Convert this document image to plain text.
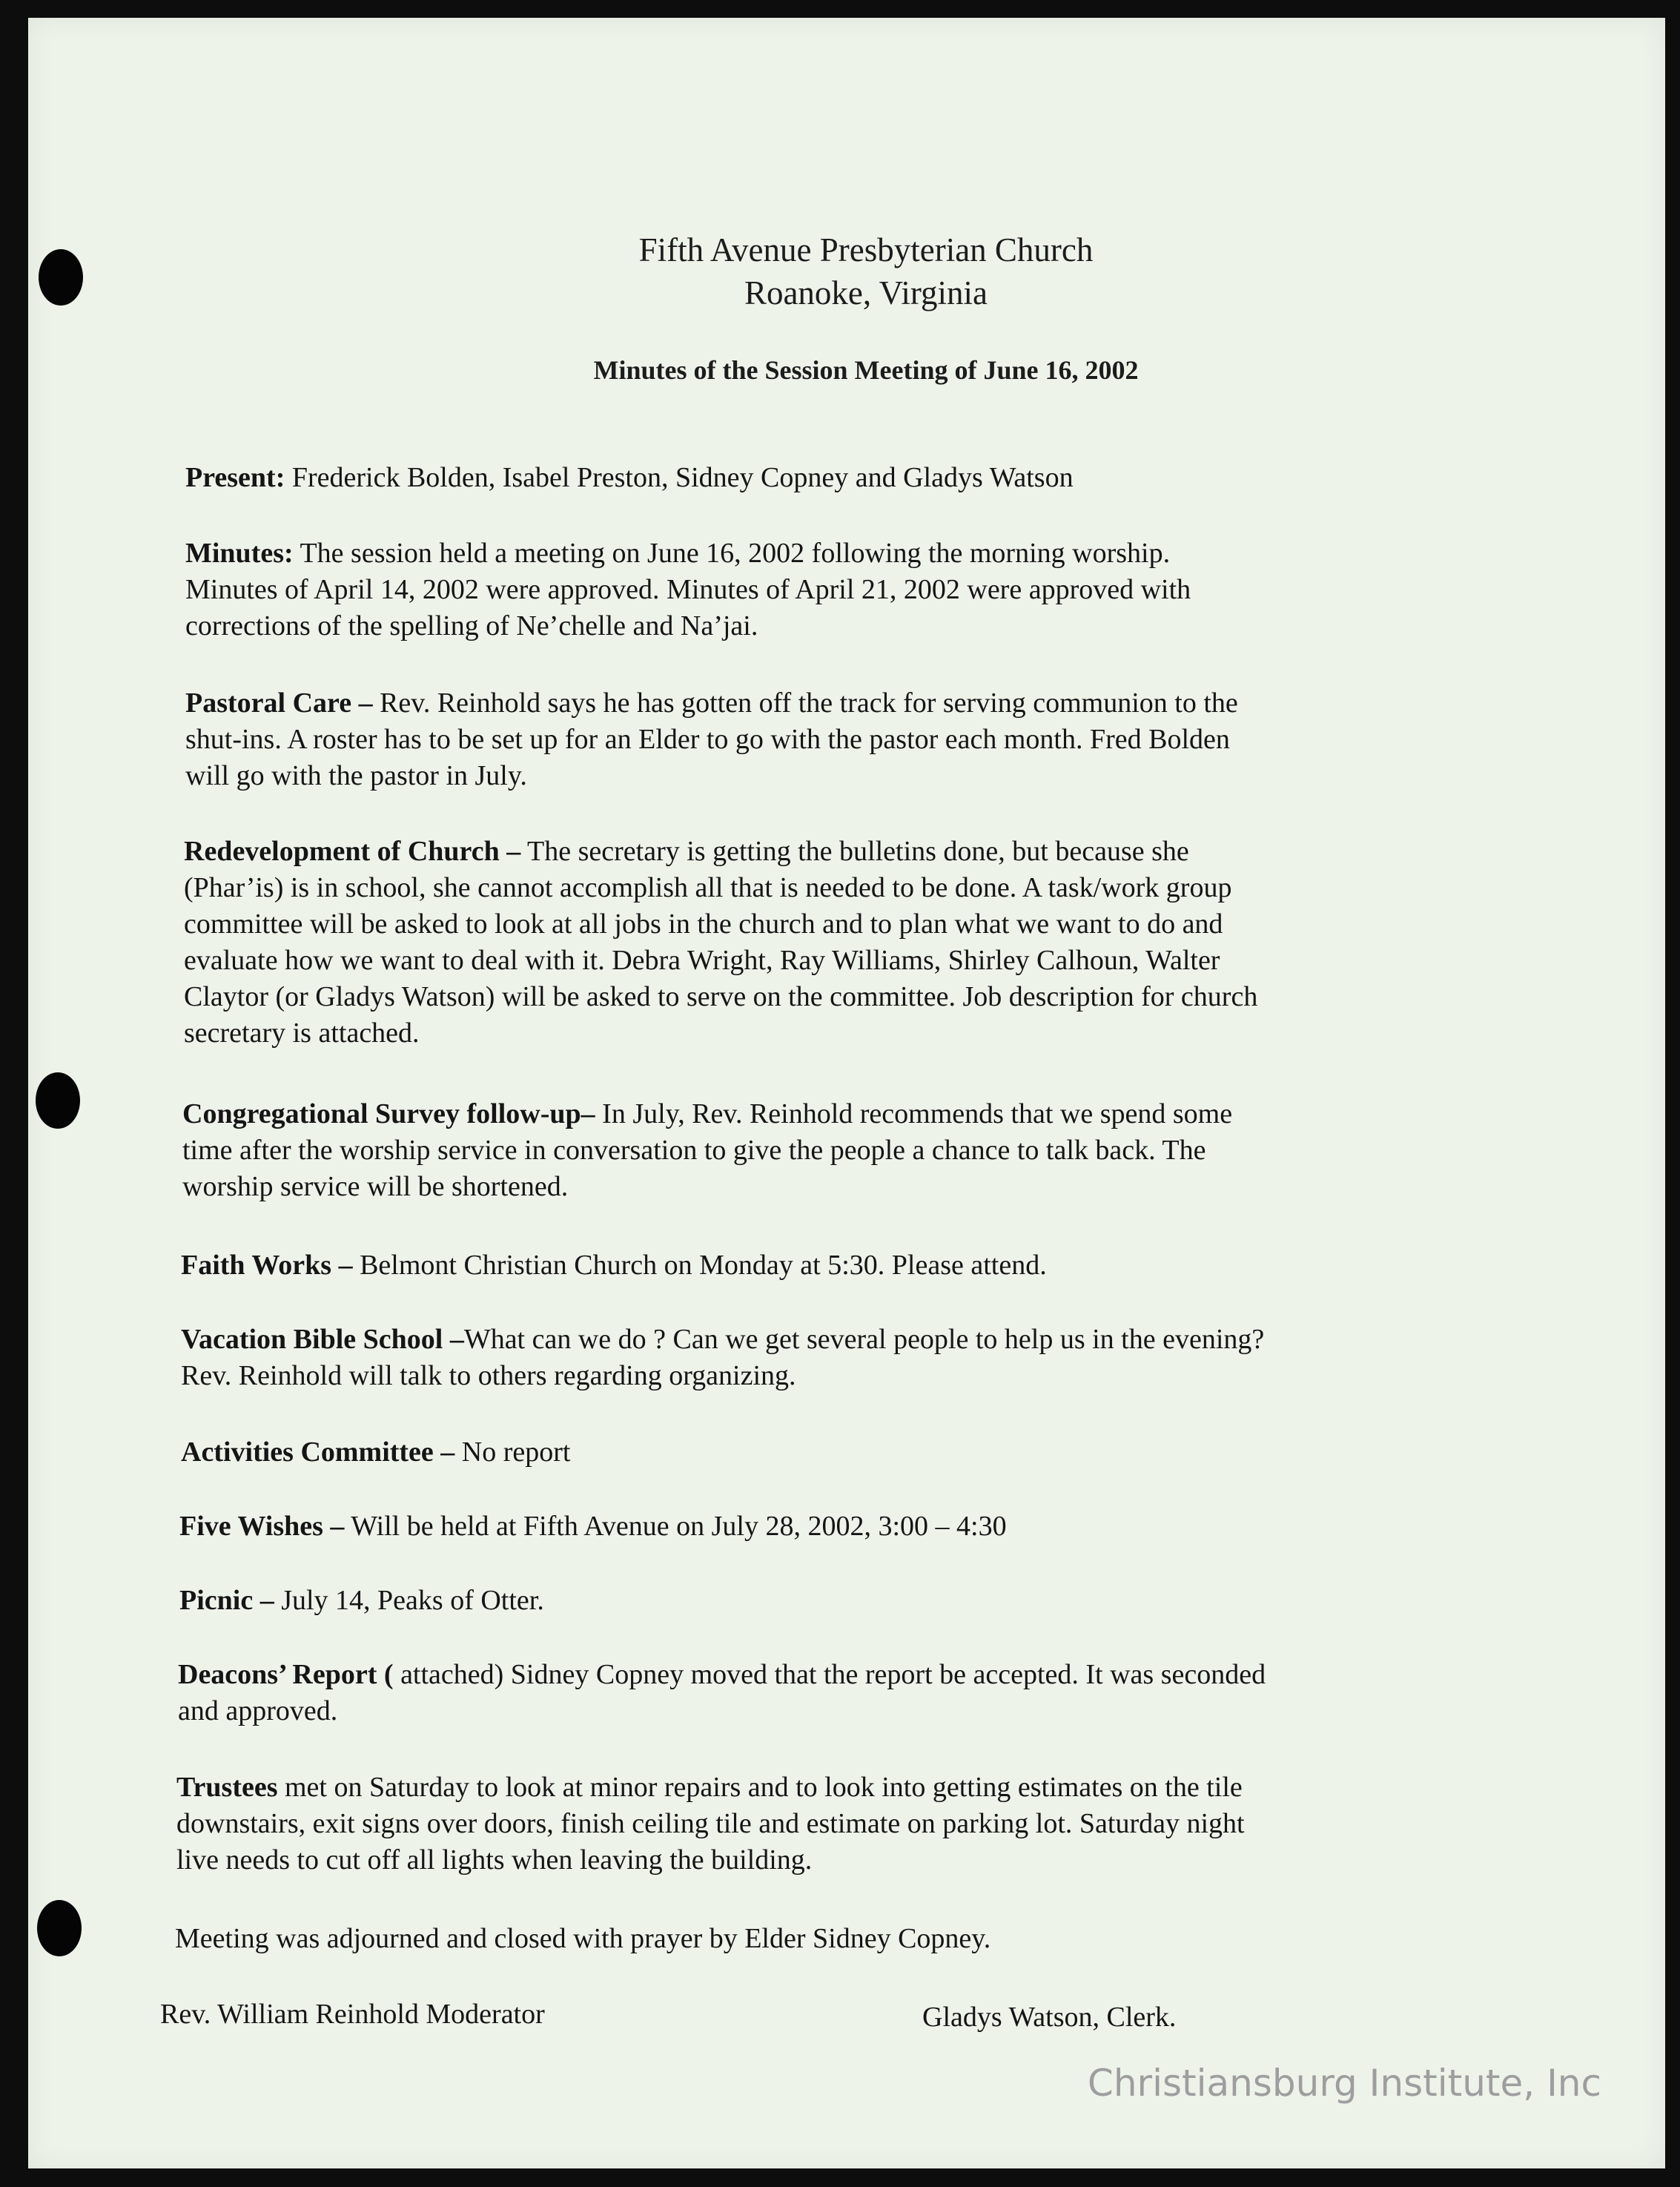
Fifth Avenue Presbyterian Church
Roanoke, Virginia
Minutes of the Session Meeting of June 16, 2002
Present: Frederick Bolden, Isabel Preston, Sidney Copney and Gladys Watson
Minutes: The session held a meeting on June 16, 2002 following the morning worship.
Minutes of April 14, 2002 were approved. Minutes of April 21, 2002 were approved with
corrections of the spelling of Ne’chelle and Na’jai.
Pastoral Care – Rev. Reinhold says he has gotten off the track for serving communion to the
shut-ins. A roster has to be set up for an Elder to go with the pastor each month. Fred Bolden
will go with the pastor in July.
Redevelopment of Church – The secretary is getting the bulletins done, but because she
(Phar’is) is in school, she cannot accomplish all that is needed to be done. A task/work group
committee will be asked to look at all jobs in the church and to plan what we want to do and
evaluate how we want to deal with it. Debra Wright, Ray Williams, Shirley Calhoun, Walter
Claytor (or Gladys Watson) will be asked to serve on the committee. Job description for church
secretary is attached.
Congregational Survey follow-up– In July, Rev. Reinhold recommends that we spend some
time after the worship service in conversation to give the people a chance to talk back. The
worship service will be shortened.
Faith Works – Belmont Christian Church on Monday at 5:30. Please attend.
Vacation Bible School –What can we do ? Can we get several people to help us in the evening?
Rev. Reinhold will talk to others regarding organizing.
Activities Committee – No report
Five Wishes – Will be held at Fifth Avenue on July 28, 2002, 3:00 – 4:30
Picnic – July 14, Peaks of Otter.
Deacons’ Report ( attached) Sidney Copney moved that the report be accepted. It was seconded
and approved.
Trustees met on Saturday to look at minor repairs and to look into getting estimates on the tile
downstairs, exit signs over doors, finish ceiling tile and estimate on parking lot. Saturday night
live needs to cut off all lights when leaving the building.
Meeting was adjourned and closed with prayer by Elder Sidney Copney.
Rev. William Reinhold Moderator	Gladys Watson, Clerk.
Christiansburg Institute, Inc
